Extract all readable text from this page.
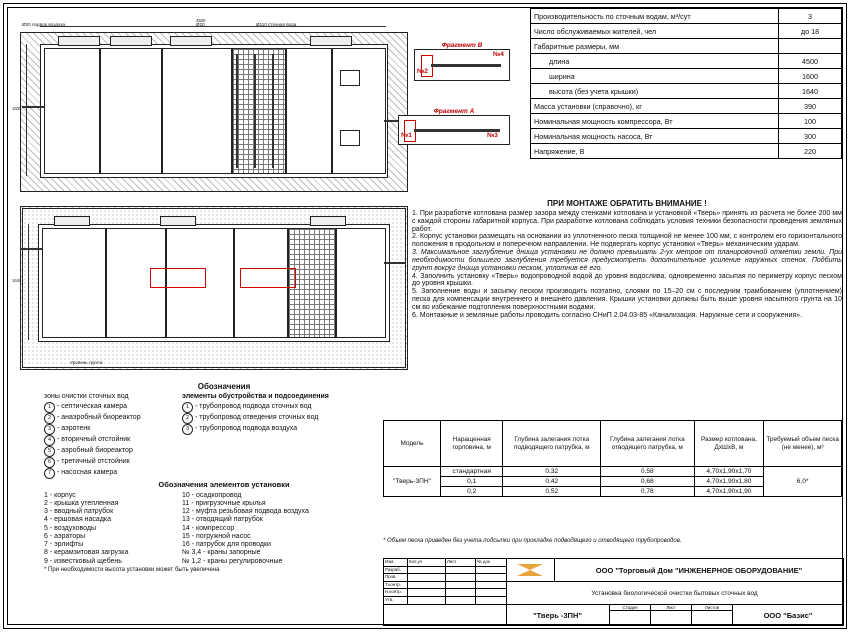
4500
1600
Ø20 подвод воздуха	Ø20	Ø110 сточная вода
1640
Уровень грунта
Фрагмент В
№2
№4
Фрагмент А
№1	№3
Производительность по сточным водам, м³/сут	3
Число обслуживаемых жителей, чел	до 18
Габаритные размеры, мм	
длина	4500
ширина	1600
высота (без учета крышки)	1640
Масса установки (справочно), кг	390
Номинальная мощность компрессора, Вт	100
Номинальная мощность насоса, Вт	300
Напряжение, В	220
ПРИ МОНТАЖЕ ОБРАТИТЬ ВНИМАНИЕ !

1. При разработке котлована размер зазора между стенками котлована и установкой «Тверь» принять из расчета не более 200 мм с каждой стороны габаритной корпуса. При разработке котлована соблюдать условия техники безопасности проведения земляных работ.

2. Корпус установки размещать на основании из уплотненного песка толщиной не менее 100 мм, с контролем его горизонтального положения в продольном и поперечном направлении. Не подвергать корпус установки «Тверь» механическим ударам.

3. Максимальное заглубление днища установки не должно превышать 2-ух метров от планировочной отметки земли. При необходимости большего заглубления требуется предусмотреть дополнительное усиление наружных стенок. Подбить грунт вокруг днища установки песком, уплотнив её его.

4. Заполнить установку «Тверь» водопроводной водой до уровня водослива, одновременно засыпая по периметру корпус песком до уровня крышки.

5. Заполнение воды и засыпку песком производить поэтапно, слоями по 15–20 см с последним трамбованием (уплотнением) песка для компенсации внутреннего и внешнего давления. Крышки установки должны быть выше уровня насыпного грунта на 10 см во избежание подтопления поверхностными водами.

6. Монтажные и земляные работы проводить согласно СНиП 2.04.03-85 «Канализация. Наружные сети и сооружения».

Обозначения
зоны очистки сточных вод
1 - септическая камера
2 - анаэробный биореактор
3 - аэротенк
4 - вторичный отстойник
5 - аэробный биореактор
6 - третичный отстойник
7 - насосная камера
элементы обустройства и подсоединения
1 - трубопровод подвода сточных вод
2 - трубопровод отведения сточных вод
3 - трубопровод подвода воздуха
Обозначения элементов установки
1 - корпус
2 - крышка утепленная
3 - вводный патрубок
4 - ершовая насадка
5 - воздуховоды
6 - аэраторы
7 - эрлифты
8 - керамзитовая загрузка
9 - известковый щебень
10 - осадкопровод
11 - пригрузочные крылья
12 - муфта резьбовая подвода воздуха
13 - отводящий патрубок
14 - компрессор
15 - погружной насос
16 - патрубок для проводки
№ 3,4 - краны запорные
№ 1,2 - краны регулировочные
* При необходимости высота установки может быть увеличена
Модель	Наращенная горловина, м	Глубина залегания лотка подводящего патрубка, м	Глубина залегания лотка отводящего патрубка, м	Размер котлована, ДхШхВ, м	Требуемый объем песка (не менее), м³
"Тверь-3ПН"	стандартная	0,32	0,58	4,70х1,90х1,70	6,0*
	0,1	0,42	0,68	4,70х1,90х1,80	
	0,2	0,52	0,78	4,70х1,90х1,90	
* Объем песка приведен без учета подсыпки при прокладке подводящего и отводящего трубопроводов.
Изм.	Кол.уч	Лист	№ док
Разраб.
Пров.
Т.контр.
Н.контр.
Утв.
ООО "Торговый Дом "ИНЖЕНЕРНОЕ ОБОРУДОВАНИЕ"
Установка биологической очистки бытовых сточных вод
"Тверь -3ПН"
Стадия	Лист	Листов
ООО "Базис"
